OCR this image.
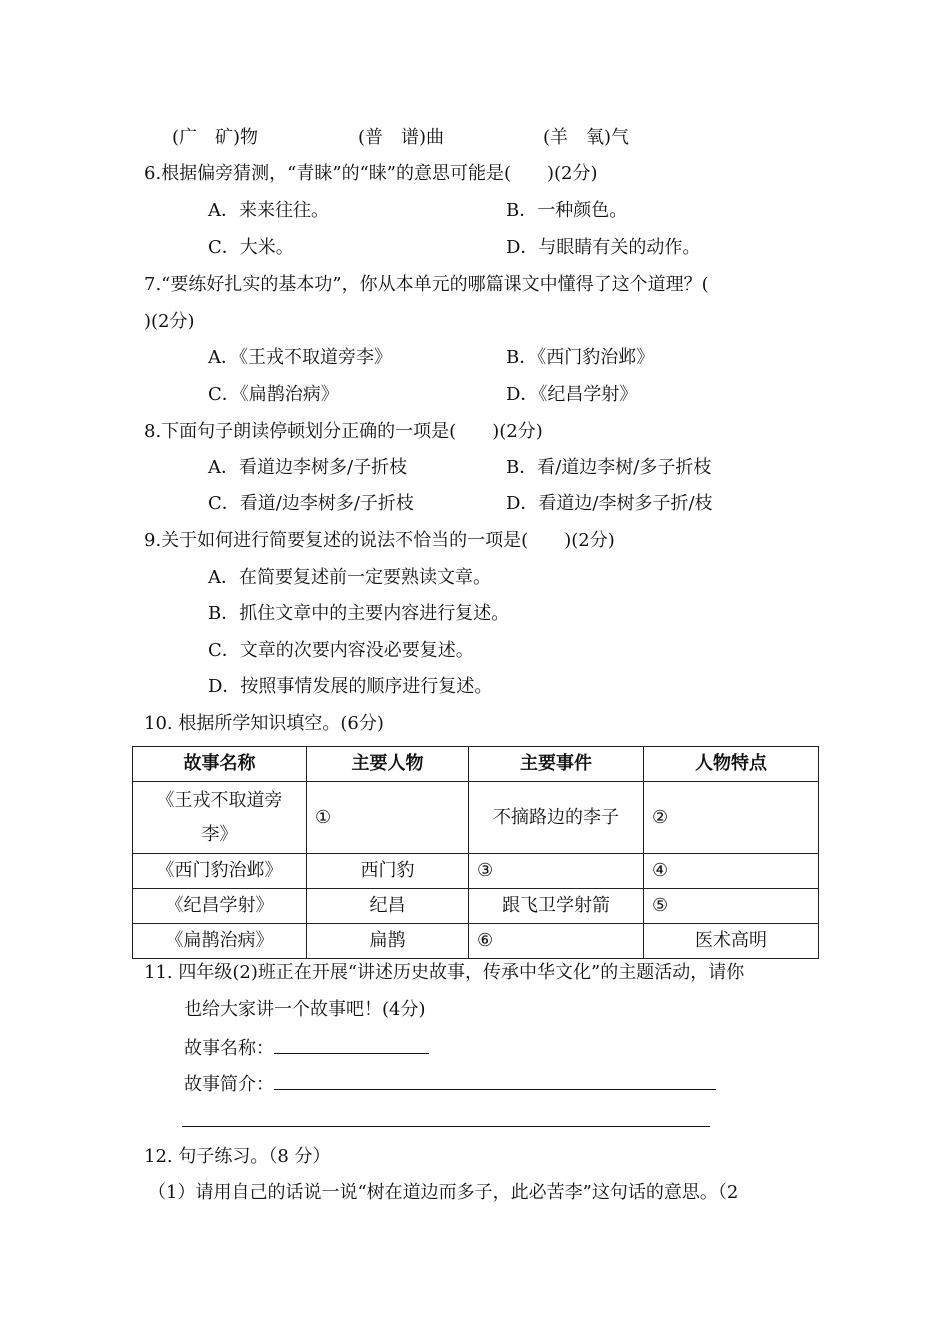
(广　矿)物	(普　谱)曲	(羊　氧)气
6.根据偏旁猜测，“青睐”的“睐”的意思可能是(　　)(2分)
A．来来往往。	B．一种颜色。
C．大米。	D．与眼睛有关的动作。
7.“要练好扎实的基本功”，你从本单元的哪篇课文中懂得了这个道理？(
)(2分)
A．《王戎不取道旁李》	B．《西门豹治邺》
C．《扁鹊治病》	D．《纪昌学射》
8.下面句子朗读停顿划分正确的一项是(　　)(2分)
A．看道边李树多/子折枝	B．看/道边李树/多子折枝
C．看道/边李树多/子折枝	D．看道边/李树多子折/枝
9.关于如何进行简要复述的说法不恰当的一项是(　　)(2分)
A．在简要复述前一定要熟读文章。
B．抓住文章中的主要内容进行复述。
C．文章的次要内容没必要复述。
D．按照事情发展的顺序进行复述。
10. 根据所学知识填空。(6分)
故事名称	主要人物	主要事件	人物特点

《王戎不取道旁
李》	①	不摘路边的李子	②
《西门豹治邺》	西门豹	③	④
《纪昌学射》	纪昌	跟飞卫学射箭	⑤
《扁鹊治病》	扁鹊	⑥	医术高明
11. 四年级(2)班正在开展“讲述历史故事，传承中华文化”的主题活动，请你
也给大家讲一个故事吧！(4分)
故事名称：
故事简介：
12. 句子练习。（8 分）
（1）请用自己的话说一说“树在道边而多子，此必苦李”这句话的意思。（2
